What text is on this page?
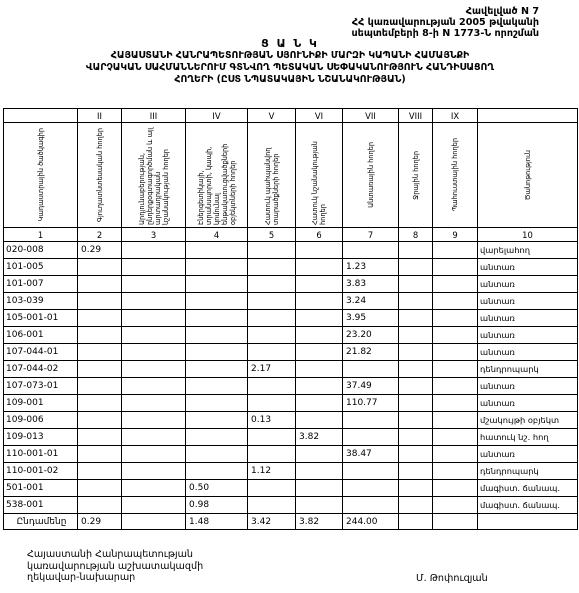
Հավելված N 7
ՀՀ կառավարության 2005 թվականի
սեպտեմբերի 8-ի N 1773-Ն որոշման
Ց Ա Ն Կ
ՀԱՅԱՍՏԱՆԻ ՀԱՆՐԱՊԵՏՈՒԹՅԱՆ ՍՅՈՒՆԻՔԻ ՄԱՐԶԻ ԿԱՊԱՆԻ ՀԱՄԱՅՆՔԻ
ՎԱՐՉԱԿԱՆ ՍԱՀՄԱՆՆԵՐՈՒՄ ԳՏՆՎՈՂ ՊԵՏԱԿԱՆ ՍԵՓԱԿԱՆՈՒԹՅՈՒՆ ՀԱՆԴԻՍԱՑՈՂ
ՀՈՂԵՐԻ (ԸՍՏ ՆՊԱՏԱԿԱՅԻՆ ՆՇԱՆԱԿՈՒԹՅԱՆ)
	II	III	IV	V	VI	VII	VIII	IX	

Կադաստրային ծածկագիր	Գյուղատնտեսական հողեր	Արդյունաբերության, ընդերքօգտագործման և այլ արտադրական նշանակության հողեր	Էներգետիկայի, տրանսպորտի, կապի, կոմունալ ենթակառուցվածքների օբյեկտների հողեր	Հատուկ պահպանվող տարածքների հողեր	Հատուկ նշանակության հողեր	Անտառային հողեր	Ջրային հողեր	Պահուստային հողեր	Ծանոթություն

1	2	3	4	5	6	7	8	9	10
020-008	0.29								վարելահող
101-005						1.23			անտառ
101-007						3.83			անտառ
103-039						3.24			անտառ
105-001-01						3.95			անտառ
106-001						23.20			անտառ
107-044-01						21.82			անտառ
107-044-02				2.17					դենդրոպարկ
107-073-01						37.49			անտառ
109-001						110.77			անտառ
109-006				0.13					մշակույթի օբյեկտ
109-013					3.82				հատուկ նշ. հող
110-001-01						38.47			անտառ
110-001-02				1.12					դենդրոպարկ
501-001			0.50						մագիստ. ճանապ.
538-001			0.98						մագիստ. ճանապ.
Ընդամենը	0.29		1.48	3.42	3.82	244.00			
Հայաստանի Հանրապետության
կառավարության աշխատակազմի
ղեկավար-նախարար	Մ. Թոփուզյան
